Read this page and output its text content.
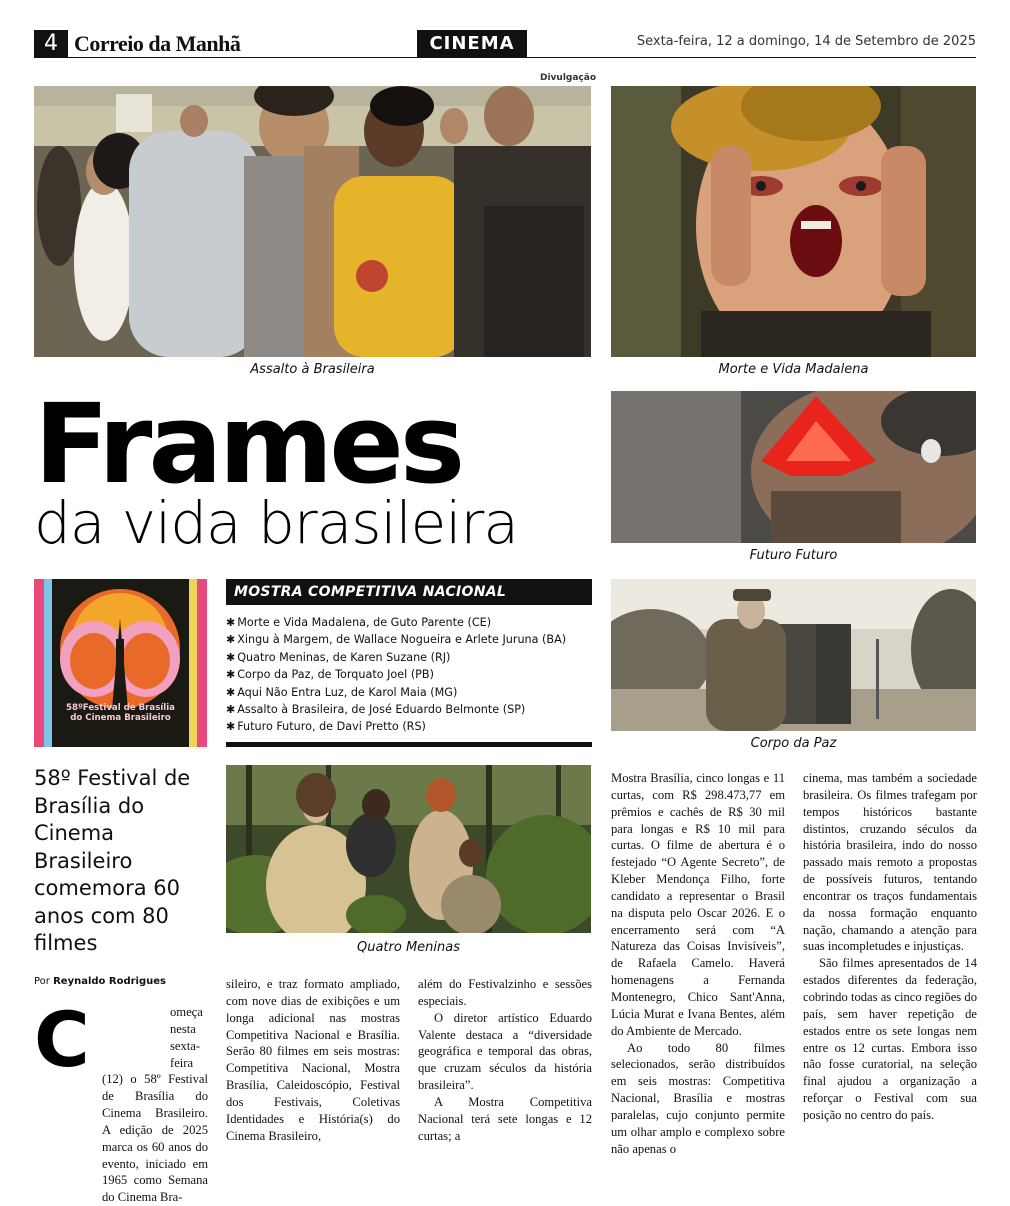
4 Correio da Manhã	CINEMA	Sexta-feira, 12 a domingo, 14 de Setembro de 2025
Divulgação
Assalto à Brasileira	Morte e Vida Madalena
Frames
da vida brasileira	Futuro Futuro
58ºFestival de Brasília
do Cinema Brasileiro
MOSTRA COMPETITIVA NACIONAL
✱ Morte e Vida Madalena, de Guto Parente (CE)
✱ Xingu à Margem, de Wallace Nogueira e Arlete Juruna (BA)
✱ Quatro Meninas, de Karen Suzane (RJ)
✱ Corpo da Paz, de Torquato Joel (PB)
✱ Aqui Não Entra Luz, de Karol Maia (MG)
✱ Assalto à Brasileira, de José Eduardo Belmonte (SP)
✱ Futuro Futuro, de Davi Pretto (RS)
Corpo da Paz
58º Festival de Brasília do Cinema Brasileiro comemora 60 anos com 80 filmes	Quatro Meninas
Por Reynaldo Rodrigues
C	omeça nesta sexta-feira (12) o 58º Festival de Brasília do Cinema Brasileiro. A edição de 2025 marca os 60 anos do evento, iniciado em 1965 como Semana do Cinema Bra-

sileiro, e traz formato ampliado, com nove dias de exibições e um longa adicional nas mostras Competitiva Nacional e Brasília. Serão 80 filmes em seis mostras: Competitiva Nacional, Mostra Brasília, Caleidoscópio, Festival dos Festivais, Coletivas Identidades e História(s) do Cinema Brasileiro,

além do Festivalzinho e sessões especiais.

O diretor artístico Eduardo Valente destaca a “diversidade geográfica e temporal das obras, que cruzam séculos da história brasileira”.

A Mostra Competitiva Nacional terá sete longas e 12 curtas; a

Mostra Brasília, cinco longas e 11 curtas, com R$ 298.473,77 em prêmios e cachês de R$ 30 mil para longas e R$ 10 mil para curtas. O filme de abertura é o festejado “O Agente Secreto”, de Kleber Mendonça Filho, forte candidato a representar o Brasil na disputa pelo Oscar 2026. E o encerramento será com “A Natureza das Coisas Invisíveis”, de Rafaela Camelo. Haverá homenagens a Fernanda Montenegro, Chico Sant'Anna, Lúcia Murat e Ivana Bentes, além do Ambiente de Mercado.

Ao todo 80 filmes selecionados, serão distribuídos em seis mostras: Competitiva Nacional, Brasília e mostras paralelas, cujo conjunto permite um olhar amplo e complexo sobre não apenas o

cinema, mas também a sociedade brasileira. Os filmes trafegam por tempos históricos bastante distintos, cruzando séculos da história brasileira, indo do nosso passado mais remoto a propostas de possíveis futuros, tentando encontrar os traços fundamentais da nossa formação enquanto nação, chamando a atenção para suas incompletudes e injustiças.

São filmes apresentados de 14 estados diferentes da federação, cobrindo todas as cinco regiões do país, sem haver repetição de estados entre os sete longas nem entre os 12 curtas. Embora isso não fosse curatorial, na seleção final ajudou a organização a reforçar o Festival com sua posição no centro do país.
